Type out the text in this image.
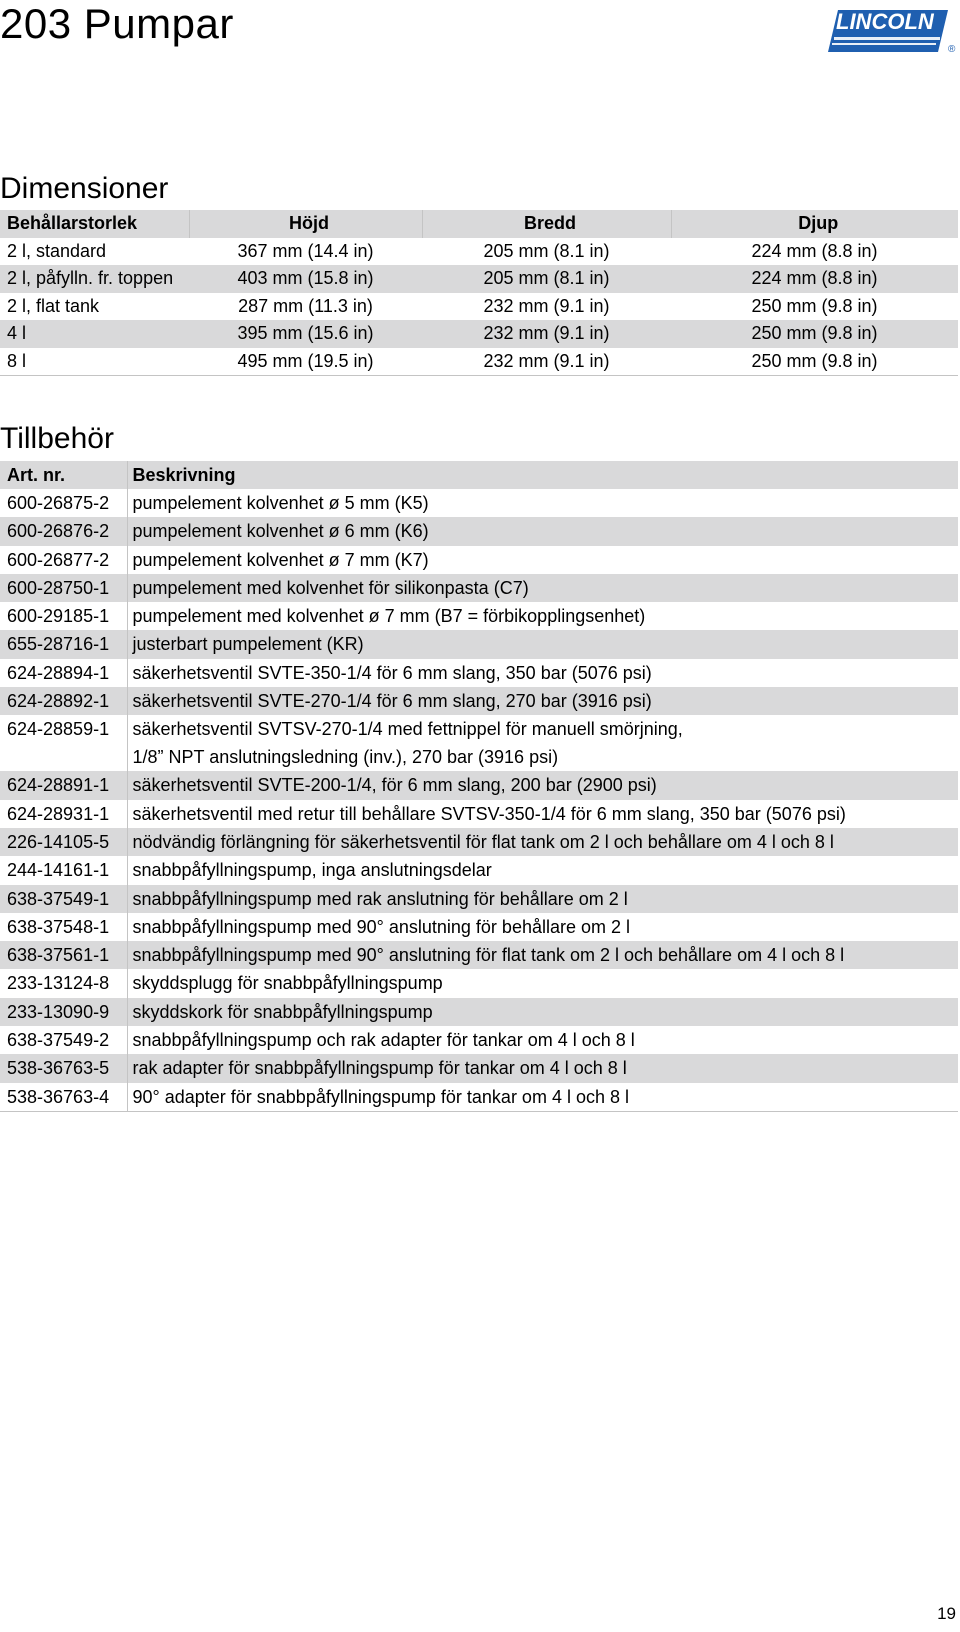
203 Pumpar	LINCOLN
®
Dimensioner
Behållarstorlek	Höjd	Bredd	Djup
2 l, standard	367 mm (14.4 in)	205 mm (8.1 in)	224 mm (8.8 in)
2 l, påfylln. fr. toppen	403 mm (15.8 in)	205 mm (8.1 in)	224 mm (8.8 in)
2 l, flat tank	287 mm (11.3 in)	232 mm (9.1 in)	250 mm (9.8 in)
4 l	395 mm (15.6 in)	232 mm (9.1 in)	250 mm (9.8 in)
8 l	495 mm (19.5 in)	232 mm (9.1 in)	250 mm (9.8 in)
Tillbehör
Art. nr.	Beskrivning
600-26875-2	pumpelement kolvenhet ø 5 mm (K5)

600-26876-2	pumpelement kolvenhet ø 6 mm (K6)

600-26877-2	pumpelement kolvenhet ø 7 mm (K7)

600-28750-1	pumpelement med kolvenhet för silikonpasta (C7)

600-29185-1	pumpelement med kolvenhet ø 7 mm (B7 = förbikopplingsenhet)

655-28716-1	justerbart pumpelement (KR)

624-28894-1	säkerhetsventil SVTE-350-1/4 för 6 mm slang, 350 bar (5076 psi)

624-28892-1	säkerhetsventil SVTE-270-1/4 för 6 mm slang, 270 bar (3916 psi)

624-28859-1	säkerhetsventil SVTSV-270-1/4 med fettnippel för manuell smörjning,
1/8” NPT anslutningsledning (inv.), 270 bar (3916 psi)

624-28891-1	säkerhetsventil SVTE-200-1/4, för 6 mm slang, 200 bar (2900 psi)

624-28931-1	säkerhetsventil med retur till behållare SVTSV-350-1/4 för 6 mm slang, 350 bar (5076 psi)

226-14105-5	nödvändig förlängning för säkerhetsventil för flat tank om 2 l och behållare om 4 l och 8 l

244-14161-1	snabbpåfyllningspump, inga anslutningsdelar

638-37549-1	snabbpåfyllningspump med rak anslutning för behållare om 2 l

638-37548-1	snabbpåfyllningspump med 90° anslutning för behållare om 2 l

638-37561-1	snabbpåfyllningspump med 90° anslutning för flat tank om 2 l och behållare om 4 l och 8 l

233-13124-8	skyddsplugg för snabbpåfyllningspump

233-13090-9	skyddskork för snabbpåfyllningspump

638-37549-2	snabbpåfyllningspump och rak adapter för tankar om 4 l och 8 l

538-36763-5	rak adapter för snabbpåfyllningspump för tankar om 4 l och 8 l

538-36763-4	90° adapter för snabbpåfyllningspump för tankar om 4 l och 8 l
19
